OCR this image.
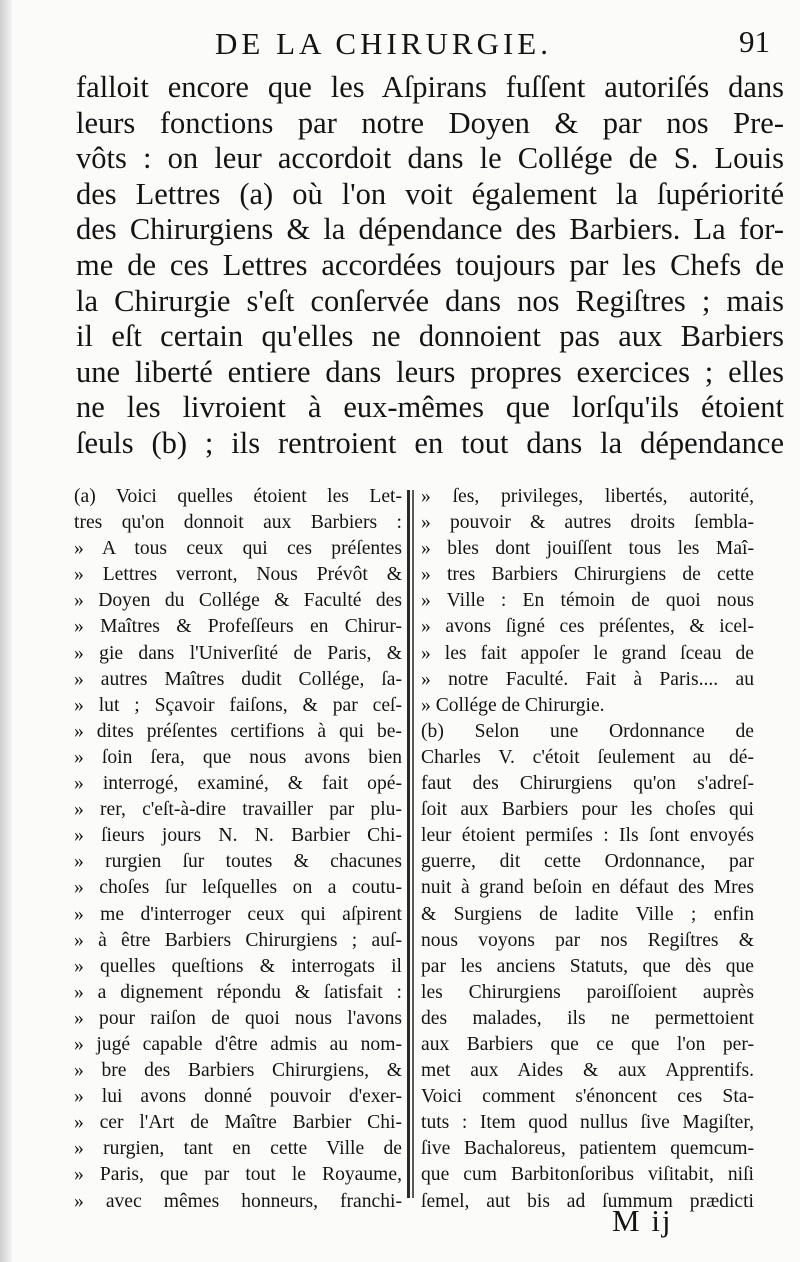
DE LA CHIRURGIE.	91
falloit encore que les Aſpirans fuſſent autoriſés dans
leurs fonctions par notre Doyen & par nos Pre-
vôts : on leur accordoit dans le Collége de S. Louis
des Lettres (a) où l'on voit également la ſupériorité
des Chirurgiens & la dépendance des Barbiers. La for-
me de ces Lettres accordées toujours par les Chefs de
la Chirurgie s'eſt conſervée dans nos Regiſtres ; mais
il eſt certain qu'elles ne donnoient pas aux Barbiers
une liberté entiere dans leurs propres exercices ; elles
ne les livroient à eux-mêmes que lorſqu'ils étoient
ſeuls (b) ; ils rentroient en tout dans la dépendance
(a) Voici quelles étoient les Let-
tres qu'on donnoit aux Barbiers :
» A tous ceux qui ces préſentes
» Lettres verront, Nous Prévôt &
» Doyen du Collége & Faculté des
» Maîtres & Profeſſeurs en Chirur-
» gie dans l'Univerſité de Paris, &
» autres Maîtres dudit Collége, ſa-
» lut ; Sçavoir faiſons, & par ceſ-
» dites préſentes certifions à qui be-
» ſoin ſera, que nous avons bien
» interrogé, examiné, & fait opé-
» rer, c'eſt-à-dire travailler par plu-
» ſieurs jours N. N. Barbier Chi-
» rurgien ſur toutes & chacunes
» choſes ſur leſquelles on a coutu-
» me d'interroger ceux qui aſpirent
» à être Barbiers Chirurgiens ; auſ-
» quelles queſtions & interrogats il
» a dignement répondu & ſatisfait :
» pour raiſon de quoi nous l'avons
» jugé capable d'être admis au nom-
» bre des Barbiers Chirurgiens, &
» lui avons donné pouvoir d'exer-
» cer l'Art de Maître Barbier Chi-
» rurgien, tant en cette Ville de
» Paris, que par tout le Royaume,
» avec mêmes honneurs, franchi-
» ſes, privileges, libertés, autorité,
» pouvoir & autres droits ſembla-
» bles dont jouiſſent tous les Maî-
» tres Barbiers Chirurgiens de cette
» Ville : En témoin de quoi nous
» avons ſigné ces préſentes, & icel-
» les fait appoſer le grand ſceau de
» notre Faculté. Fait à Paris.... au
» Collége de Chirurgie.
(b) Selon une Ordonnance de
Charles V. c'étoit ſeulement au dé-
faut des Chirurgiens qu'on s'adreſ-
ſoit aux Barbiers pour les choſes qui
leur étoient permiſes : Ils ſont envoyés
guerre, dit cette Ordonnance, par
nuit à grand beſoin en défaut des Mres
& Surgiens de ladite Ville ; enfin
nous voyons par nos Regiſtres &
par les anciens Statuts, que dès que
les Chirurgiens paroiſſoient auprès
des malades, ils ne permettoient
aux Barbiers que ce que l'on per-
met aux Aides & aux Apprentifs.
Voici comment s'énoncent ces Sta-
tuts : Item quod nullus ſive Magiſter,
ſive Bachaloreus, patientem quemcum-
que cum Barbitonſoribus viſitabit, niſi
ſemel, aut bis ad ſummum prædicti
M ij
